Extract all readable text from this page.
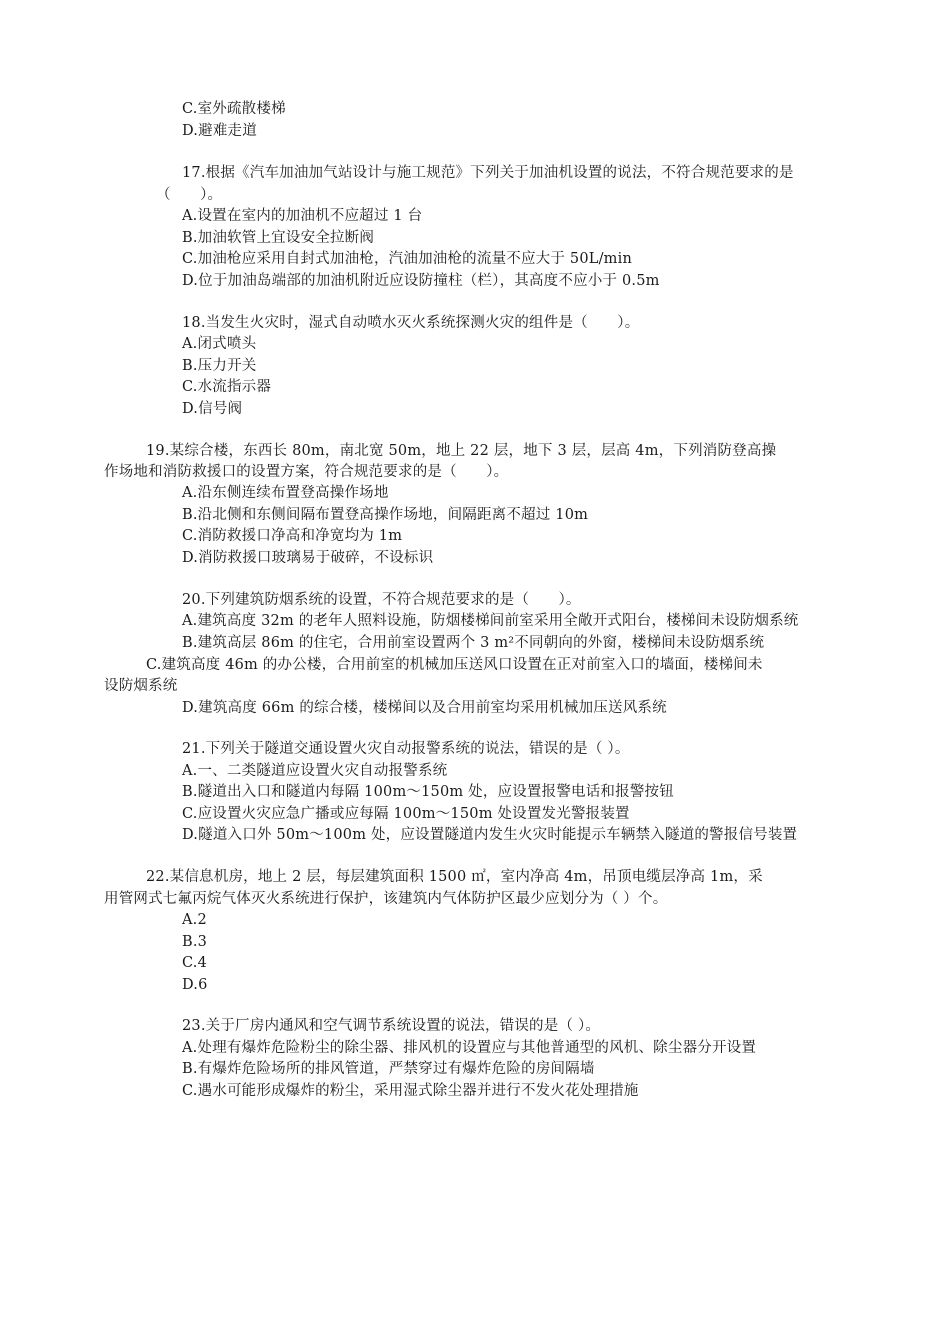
C.室外疏散楼梯
D.避难走道
17.根据《汽车加油加气站设计与施工规范》下列关于加油机设置的说法，不符合规范要求的是
（　　）。
A.设置在室内的加油机不应超过 1 台
B.加油软管上宜设安全拉断阀
C.加油枪应采用自封式加油枪，汽油加油枪的流量不应大于 50L/min
D.位于加油岛端部的加油机附近应设防撞柱（栏），其高度不应小于 0.5m
18.当发生火灾时，湿式自动喷水灭火系统探测火灾的组件是（　　）。
A.闭式喷头
B.压力开关
C.水流指示器
D.信号阀
19.某综合楼，东西长 80m，南北宽 50m，地上 22 层，地下 3 层，层高 4m，下列消防登高操
作场地和消防救援口的设置方案，符合规范要求的是（　　）。
A.沿东侧连续布置登高操作场地
B.沿北侧和东侧间隔布置登高操作场地，间隔距离不超过 10m
C.消防救援口净高和净宽均为 1m
D.消防救援口玻璃易于破碎，不设标识
20.下列建筑防烟系统的设置，不符合规范要求的是（　　）。
A.建筑高度 32m 的老年人照料设施，防烟楼梯间前室采用全敞开式阳台，楼梯间未设防烟系统
B.建筑高层 86m 的住宅，合用前室设置两个 3 m²不同朝向的外窗，楼梯间未设防烟系统
C.建筑高度 46m 的办公楼，合用前室的机械加压送风口设置在正对前室入口的墙面，楼梯间未
设防烟系统
D.建筑高度 66m 的综合楼，楼梯间以及合用前室均采用机械加压送风系统
21.下列关于隧道交通设置火灾自动报警系统的说法，错误的是（ ）。
A.一、二类隧道应设置火灾自动报警系统
B.隧道出入口和隧道内每隔 100m～150m 处，应设置报警电话和报警按钮
C.应设置火灾应急广播或应每隔 100m～150m 处设置发光警报装置
D.隧道入口外 50m～100m 处，应设置隧道内发生火灾时能提示车辆禁入隧道的警报信号装置
22.某信息机房，地上 2 层，每层建筑面积 1500 ㎡，室内净高 4m，吊顶电缆层净高 1m，采
用管网式七氟丙烷气体灭火系统进行保护，该建筑内气体防护区最少应划分为（ ）个。
A.2
B.3
C.4
D.6
23.关于厂房内通风和空气调节系统设置的说法，错误的是（ ）。
A.处理有爆炸危险粉尘的除尘器、排风机的设置应与其他普通型的风机、除尘器分开设置
B.有爆炸危险场所的排风管道，严禁穿过有爆炸危险的房间隔墙
C.遇水可能形成爆炸的粉尘，采用湿式除尘器并进行不发火花处理措施
